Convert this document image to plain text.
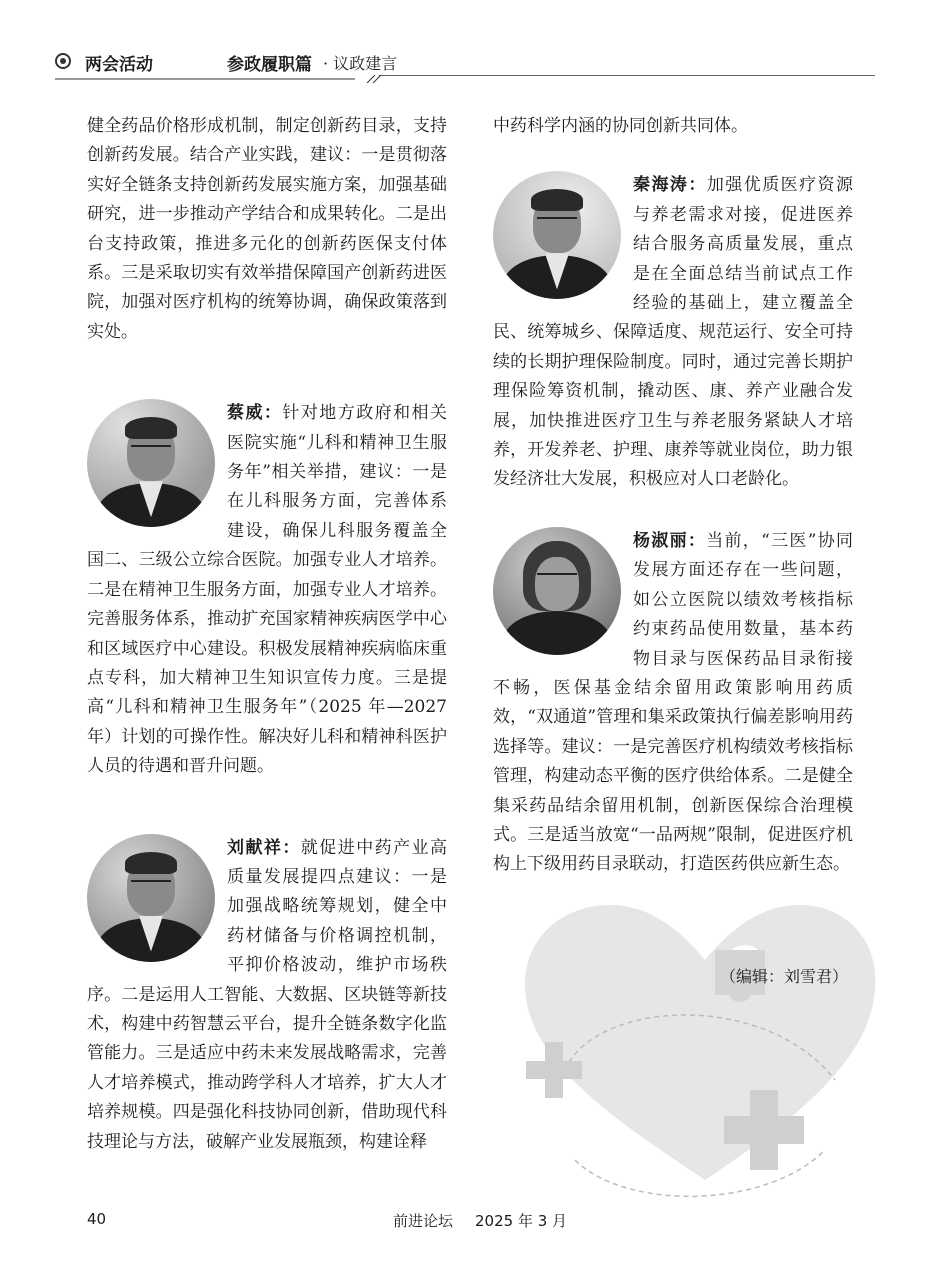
两会活动	参政履职篇 · 议政建言

健全药品价格形成机制，制定创新药目录，支持创新药发展。结合产业实践，建议：一是贯彻落实好全链条支持创新药发展实施方案，加强基础研究，进一步推动产学结合和成果转化。二是出台支持政策，推进多元化的创新药医保支付体系。三是采取切实有效举措保障国产创新药进医院，加强对医疗机构的统筹协调，确保政策落到实处。

蔡威：针对地方政府和相关医院实施“儿科和精神卫生服务年”相关举措，建议：一是在儿科服务方面，完善体系建设，确保儿科服务覆盖全国二、三级公立综合医院。加强专业人才培养。二是在精神卫生服务方面，加强专业人才培养。完善服务体系，推动扩充国家精神疾病医学中心和区域医疗中心建设。积极发展精神疾病临床重点专科，加大精神卫生知识宣传力度。三是提高“儿科和精神卫生服务年”（2025 年—2027 年）计划的可操作性。解决好儿科和精神科医护人员的待遇和晋升问题。

刘献祥：就促进中药产业高质量发展提四点建议：一是加强战略统筹规划，健全中药材储备与价格调控机制，平抑价格波动，维护市场秩序。二是运用人工智能、大数据、区块链等新技术，构建中药智慧云平台，提升全链条数字化监管能力。三是适应中药未来发展战略需求，完善人才培养模式，推动跨学科人才培养，扩大人才培养规模。四是强化科技协同创新，借助现代科技理论与方法，破解产业发展瓶颈，构建诠释

中药科学内涵的协同创新共同体。

秦海涛：加强优质医疗资源与养老需求对接，促进医养结合服务高质量发展，重点是在全面总结当前试点工作经验的基础上，建立覆盖全民、统筹城乡、保障适度、规范运行、安全可持续的长期护理保险制度。同时，通过完善长期护理保险筹资机制，撬动医、康、养产业融合发展，加快推进医疗卫生与养老服务紧缺人才培养，开发养老、护理、康养等就业岗位，助力银发经济壮大发展，积极应对人口老龄化。

杨淑丽：当前，“三医”协同发展方面还存在一些问题，如公立医院以绩效考核指标约束药品使用数量，基本药物目录与医保药品目录衔接不畅，医保基金结余留用政策影响用药质效，“双通道”管理和集采政策执行偏差影响用药选择等。建议：一是完善医疗机构绩效考核指标管理，构建动态平衡的医疗供给体系。二是健全集采药品结余留用机制，创新医保综合治理模式。三是适当放宽“一品两规”限制，促进医疗机构上下级用药目录联动，打造医药供应新生态。

（编辑：刘雪君）
40	前进论坛 2025 年 3 月
